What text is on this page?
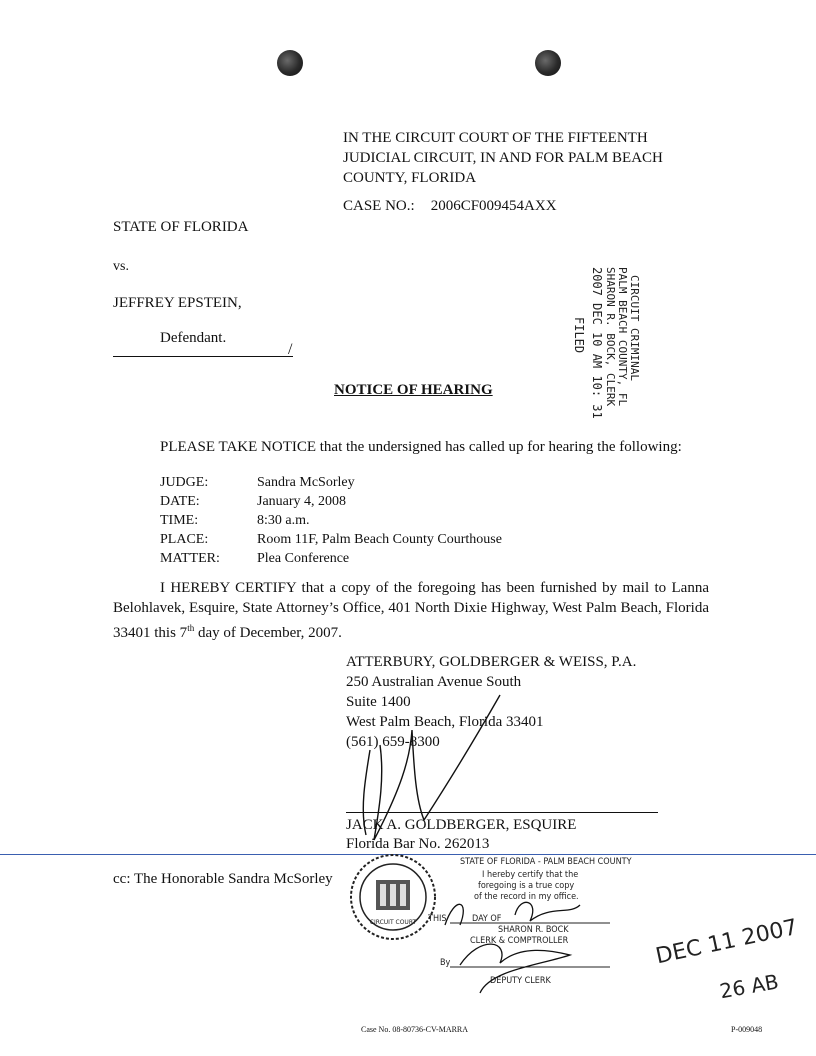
IN THE CIRCUIT COURT OF THE FIFTEENTH
JUDICIAL CIRCUIT, IN AND FOR PALM BEACH
COUNTY, FLORIDA
CASE NO.: 2006CF009454AXX
STATE OF FLORIDA
vs.
JEFFREY EPSTEIN,
Defendant.
/	2007 DEC 10 AM 10: 31 SHARON R. BOCK, CLERK PALM BEACH COUNTY, FL CIRCUIT CRIMINAL
FILED
NOTICE OF HEARING
PLEASE TAKE NOTICE that the undersigned has called up for hearing the following:
JUDGE:	Sandra McSorley
DATE:	January 4, 2008
TIME:	8:30 a.m.
PLACE:	Room 11F, Palm Beach County Courthouse
MATTER:	Plea Conference

I HEREBY CERTIFY that a copy of the foregoing has been furnished by mail to Lanna Belohlavek, Esquire, State Attorney’s Office, 401 North Dixie Highway, West Palm Beach, Florida 33401 this 7th day of December, 2007.

ATTERBURY, GOLDBERGER & WEISS, P.A.
250 Australian Avenue South
Suite 1400
West Palm Beach, Florida 33401
(561) 659-8300
JACK A. GOLDBERGER, ESQUIRE
Florida Bar No. 262013
cc: The Honorable Sandra McSorley
CIRCUIT COURT
STATE OF FLORIDA - PALM BEACH COUNTY
I hereby certify that the
foregoing is a true copy
of the record in my office.
THIS	DAY OF
SHARON R. BOCK
CLERK & COMPTROLLER
By
DEPUTY CLERK
DEC 11 2007
26 AB
Case No. 08-80736-CV-MARRA	P-009048
